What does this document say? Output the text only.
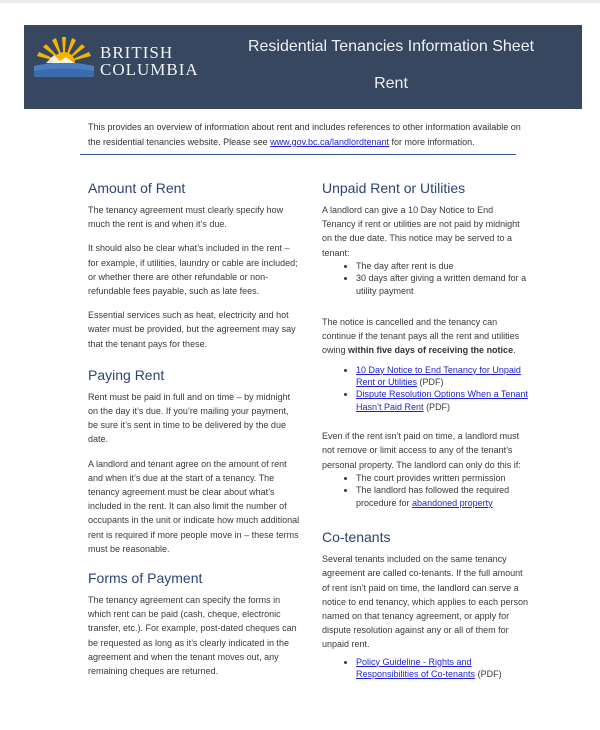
BRITISH
COLUMBIA
Residential Tenancies Information Sheet
Rent
This provides an overview of information about rent and includes references to other information available on the residential tenancies website. Please see www.gov.bc.ca/landlordtenant for more information.
Amount of Rent

The tenancy agreement must clearly specify how much the rent is and when it’s due.

It should also be clear what’s included in the rent – for example, if utilities, laundry or cable are included; or whether there are other refundable or non-refundable fees payable, such as late fees.

Essential services such as heat, electricity and hot water must be provided, but the agreement may say that the tenant pays for these.

Paying Rent

Rent must be paid in full and on time – by midnight on the day it’s due. If you’re mailing your payment, be sure it’s sent in time to be delivered by the due date.

A landlord and tenant agree on the amount of rent and when it’s due at the start of a tenancy. The tenancy agreement must be clear about what’s included in the rent. It can also limit the number of occupants in the unit or indicate how much additional rent is required if more people move in – these terms must be reasonable.

Forms of Payment

The tenancy agreement can specify the forms in which rent can be paid (cash, cheque, electronic transfer, etc.). For example, post-dated cheques can be requested as long as it’s clearly indicated in the agreement and when the tenant moves out, any remaining cheques are returned.

Unpaid Rent or Utilities

A landlord can give a 10 Day Notice to End Tenancy if rent or utilities are not paid by midnight on the due date. This notice may be served to a tenant:

• The day after rent is due
• 30 days after giving a written demand for a utility payment

The notice is cancelled and the tenancy can continue if the tenant pays all the rent and utilities owing within five days of receiving the notice.

• 10 Day Notice to End Tenancy for Unpaid Rent or Utilities (PDF)
• Dispute Resolution Options When a Tenant Hasn’t Paid Rent (PDF)

Even if the rent isn’t paid on time, a landlord must not remove or limit access to any of the tenant’s personal property. The landlord can only do this if:

• The court provides written permission
• The landlord has followed the required procedure for abandoned property
Co-tenants

Several tenants included on the same tenancy agreement are called co-tenants. If the full amount of rent isn’t paid on time, the landlord can serve a notice to end tenancy, which applies to each person named on that tenancy agreement, or apply for dispute resolution against any or all of them for unpaid rent.

• Policy Guideline - Rights and Responsibilities of Co-tenants (PDF)
